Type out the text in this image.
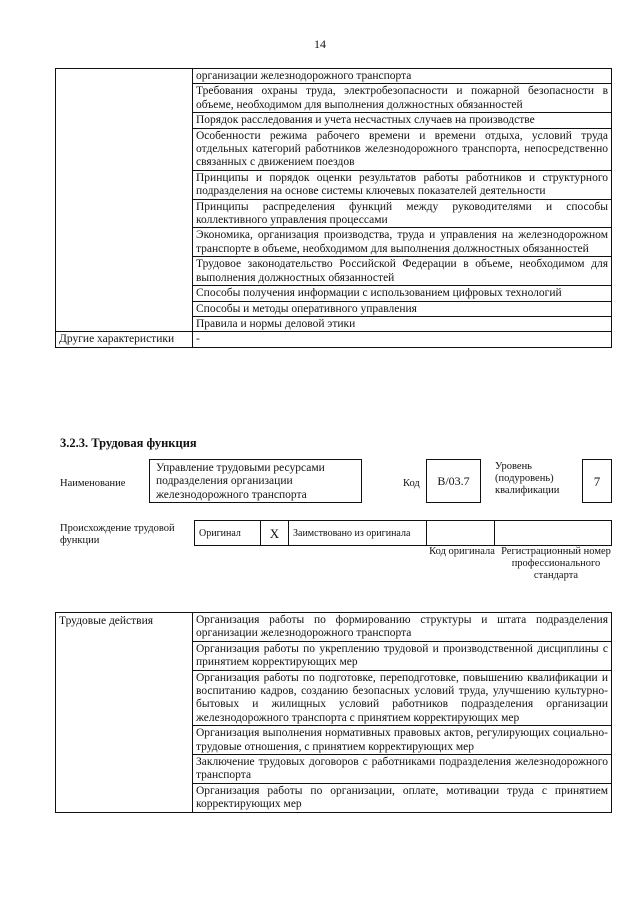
14
	организации железнодорожного транспорта
	Требования охраны труда, электробезопасности и пожарной безопасности в объеме, необходимом для выполнения должностных обязанностей
	Порядок расследования и учета несчастных случаев на производстве
	Особенности режима рабочего времени и времени отдыха, условий труда отдельных категорий работников железнодорожного транспорта, непосредственно связанных с движением поездов
	Принципы и порядок оценки результатов работы работников и структурного подразделения на основе системы ключевых показателей деятельности
	Принципы распределения функций между руководителями и способы коллективного управления процессами
	Экономика, организация производства, труда и управления на железнодорожном транспорте в объеме, необходимом для выполнения должностных обязанностей
	Трудовое законодательство Российской Федерации в объеме, необходимом для выполнения должностных обязанностей
	Способы получения информации с использованием цифровых технологий
	Способы и методы оперативного управления
	Правила и нормы деловой этики
Другие характеристики	-
3.2.3. Трудовая функция
Наименование
Управление трудовыми ресурсами подразделения организации железнодорожного транспорта
Код	B/03.7
Уровень (подуровень) квалификации
7
Происхождение трудовой функции
Оригинал	X	Заимствовано из оригинала		
Код оригинала Регистрационный номер профессионального стандарта
Трудовые действия	Организация работы по формированию структуры и штата подразделения организации железнодорожного транспорта
Организация работы по укреплению трудовой и производственной дисциплины с принятием корректирующих мер
Организация работы по подготовке, переподготовке, повышению квалификации и воспитанию кадров, созданию безопасных условий труда, улучшению культурно-бытовых и жилищных условий работников подразделения организации железнодорожного транспорта с принятием корректирующих мер
Организация выполнения нормативных правовых актов, регулирующих социально-трудовые отношения, с принятием корректирующих мер
Заключение трудовых договоров с работниками подразделения железнодорожного транспорта
Организация работы по организации, оплате, мотивации труда с принятием корректирующих мер
